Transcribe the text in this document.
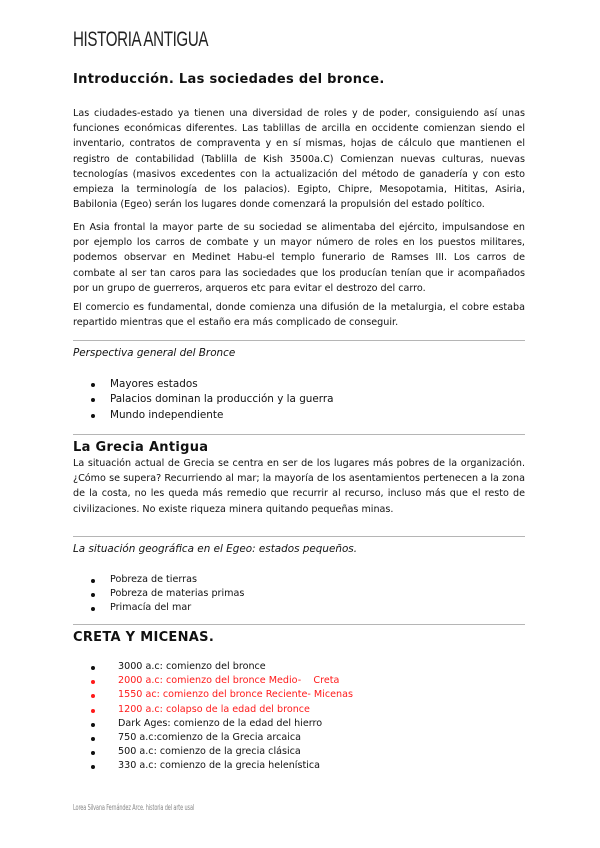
HISTORIA ANTIGUA
Introducción. Las sociedades del bronce.

Las ciudades-estado ya tienen una diversidad de roles y de poder, consiguiendo así unas funciones económicas diferentes. Las tablillas de arcilla en occidente comienzan siendo el inventario, contratos de compraventa y en sí mismas, hojas de cálculo que mantienen el registro de contabilidad (Tablilla de Kish 3500a.C) Comienzan nuevas culturas, nuevas tecnologías (masivos excedentes con la actualización del método de ganadería y con esto empieza la terminología de los palacios). Egipto, Chipre, Mesopotamia, Hititas, Asiria, Babilonia (Egeo) serán los lugares donde comenzará la propulsión del estado político.

En Asia frontal la mayor parte de su sociedad se alimentaba del ejército, impulsandose en por ejemplo los carros de combate y un mayor número de roles en los puestos militares, podemos observar en Medinet Habu-el templo funerario de Ramses III. Los carros de combate al ser tan caros para las sociedades que los producían tenían que ir acompañados por un grupo de guerreros, arqueros etc para evitar el destrozo del carro.

El comercio es fundamental, donde comienza una difusión de la metalurgia, el cobre estaba repartido mientras que el estaño era más complicado de conseguir.

Perspectiva general del Bronce
Mayores estados
Palacios dominan la producción y la guerra
Mundo independiente
La Grecia Antigua

La situación actual de Grecia se centra en ser de los lugares más pobres de la organización. ¿Cómo se supera? Recurriendo al mar; la mayoría de los asentamientos pertenecen a la zona de la costa, no les queda más remedio que recurrir al recurso, incluso más que el resto de civilizaciones. No existe riqueza minera quitando pequeñas minas.

La situación geográfica en el Egeo: estados pequeños.
Pobreza de tierras
Pobreza de materias primas
Primacía del mar
CRETA Y MICENAS.
3000 a.c: comienzo del bronce
2000 a.c: comienzo del bronce Medio-    Creta
1550 ac: comienzo del bronce Reciente- Micenas
1200 a.c: colapso de la edad del bronce
Dark Ages: comienzo de la edad del hierro
750 a.c:comienzo de la Grecia arcaica
500 a.c: comienzo de la grecia clásica
330 a.c: comienzo de la grecia helenística
Lorea Silvana Fernández Arce. historia del arte usal
